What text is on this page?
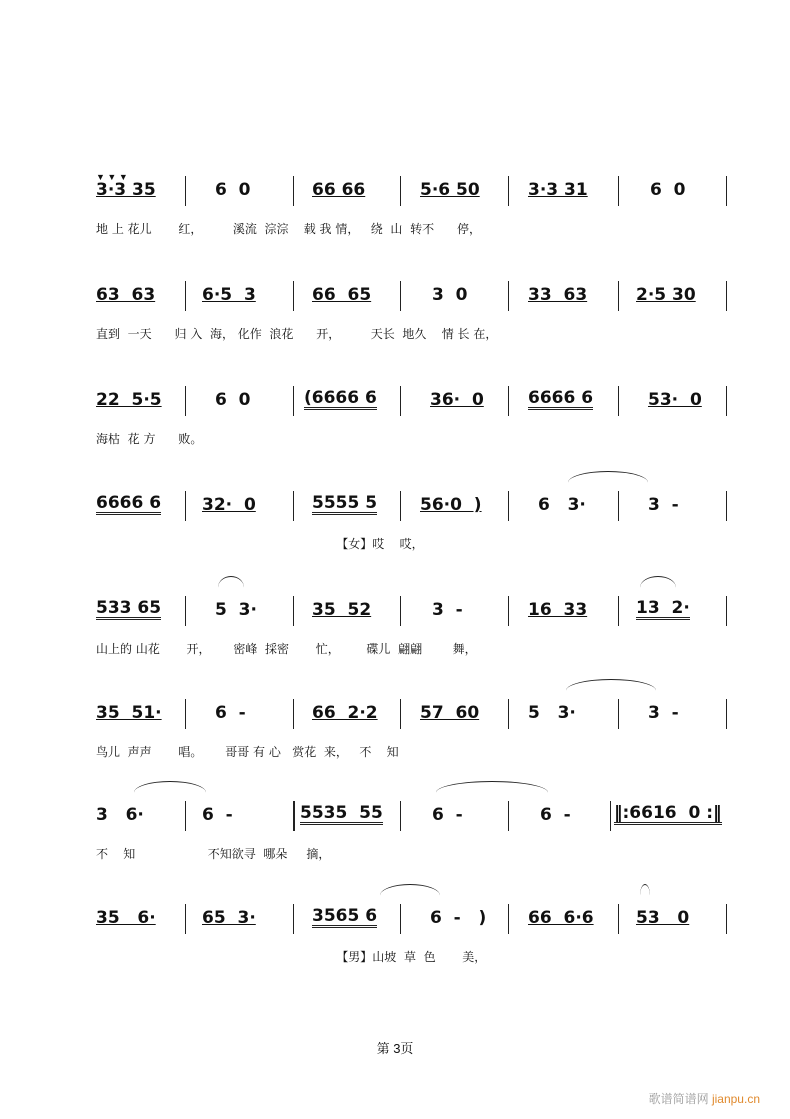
▼ ▼ ▼
3·3 35	6  0	66 66	5·6 50	3·3 31	6  0
地 上 花儿       红，        溪流  淙淙    载 我 情，   绕  山  转不      停，
63  63	6·5  3	66  65	3  0	33  63	2·5 30
直到  一天      归 入  海， 化作  浪花      开，        天长  地久    情 长 在，
22  5·5	6  0	(6666 6	36·  0	6666 6	53·  0
海枯  花 方      败。
6666 6 32·  0	5555 5	56·0  )	6   3·	3  -
【女】哎    哎，
533 65	5  3·	35  52	3  -	16  33	13  2·
山上的 山花       开，      密峰  採密       忙，       碟儿  翩翩        舞，
35  51·	6  -	66  2·2 57  60	5   3·	3  -
鸟儿  声声       唱。      哥哥 有 心   赏花  来，   不    知
3   6·	6  -	5535  55	6  -	6  -	‖:6616  0 :‖
不    知                   不知欲寻  哪朵     摘，
35   6·	65  3·	3565 6	6  -   ) 66  6·6 53   0
【男】山坡  草  色       美，
第 3页
歌谱简谱网 jianpu.cn
